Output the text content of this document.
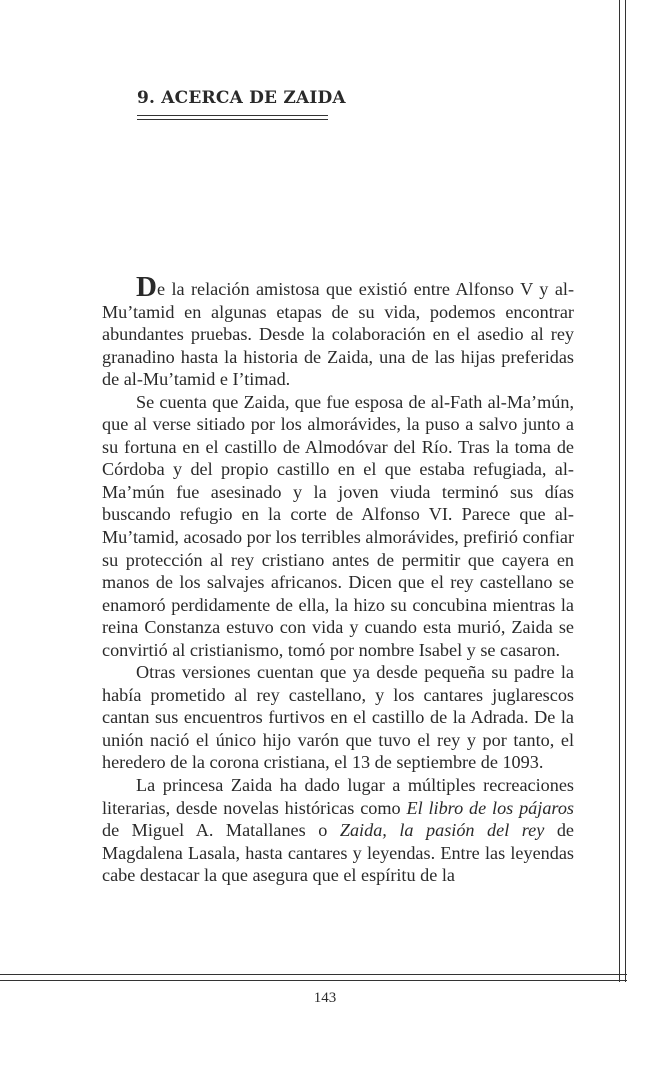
9. ACERCA DE ZAIDA

De la relación amistosa que existió entre Alfonso V y al-Mu’tamid en algunas etapas de su vida, podemos encontrar abundantes pruebas. Desde la colaboración en el asedio al rey granadino hasta la historia de Zaida, una de las hijas preferidas de al-Mu’tamid e I’timad.

Se cuenta que Zaida, que fue esposa de al-Fath al-Ma’mún, que al verse sitiado por los almorávides, la puso a salvo junto a su fortuna en el castillo de Almodóvar del Río. Tras la toma de Córdoba y del propio castillo en el que estaba refugiada, al-Ma’mún fue asesinado y la joven viuda terminó sus días buscando refugio en la corte de Alfonso VI. Parece que al-Mu’tamid, acosado por los terribles almorávides, prefirió confiar su protección al rey cristiano antes de permitir que cayera en manos de los salvajes africanos. Dicen que el rey castellano se enamoró perdidamente de ella, la hizo su concubina mientras la reina Constanza estuvo con vida y cuando esta murió, Zaida se convirtió al cristianismo, tomó por nombre Isabel y se casaron.

Otras versiones cuentan que ya desde pequeña su padre la había prometido al rey castellano, y los cantares juglarescos cantan sus encuentros furtivos en el castillo de la Adrada. De la unión nació el único hijo varón que tuvo el rey y por tanto, el heredero de la corona cristiana, el 13 de septiembre de 1093.

La princesa Zaida ha dado lugar a múltiples recreaciones literarias, desde novelas históricas como El libro de los pájaros de Miguel A. Matallanes o Zaida, la pasión del rey de Magdalena Lasala, hasta cantares y leyendas. Entre las leyendas cabe destacar la que asegura que el espíritu de la

143
